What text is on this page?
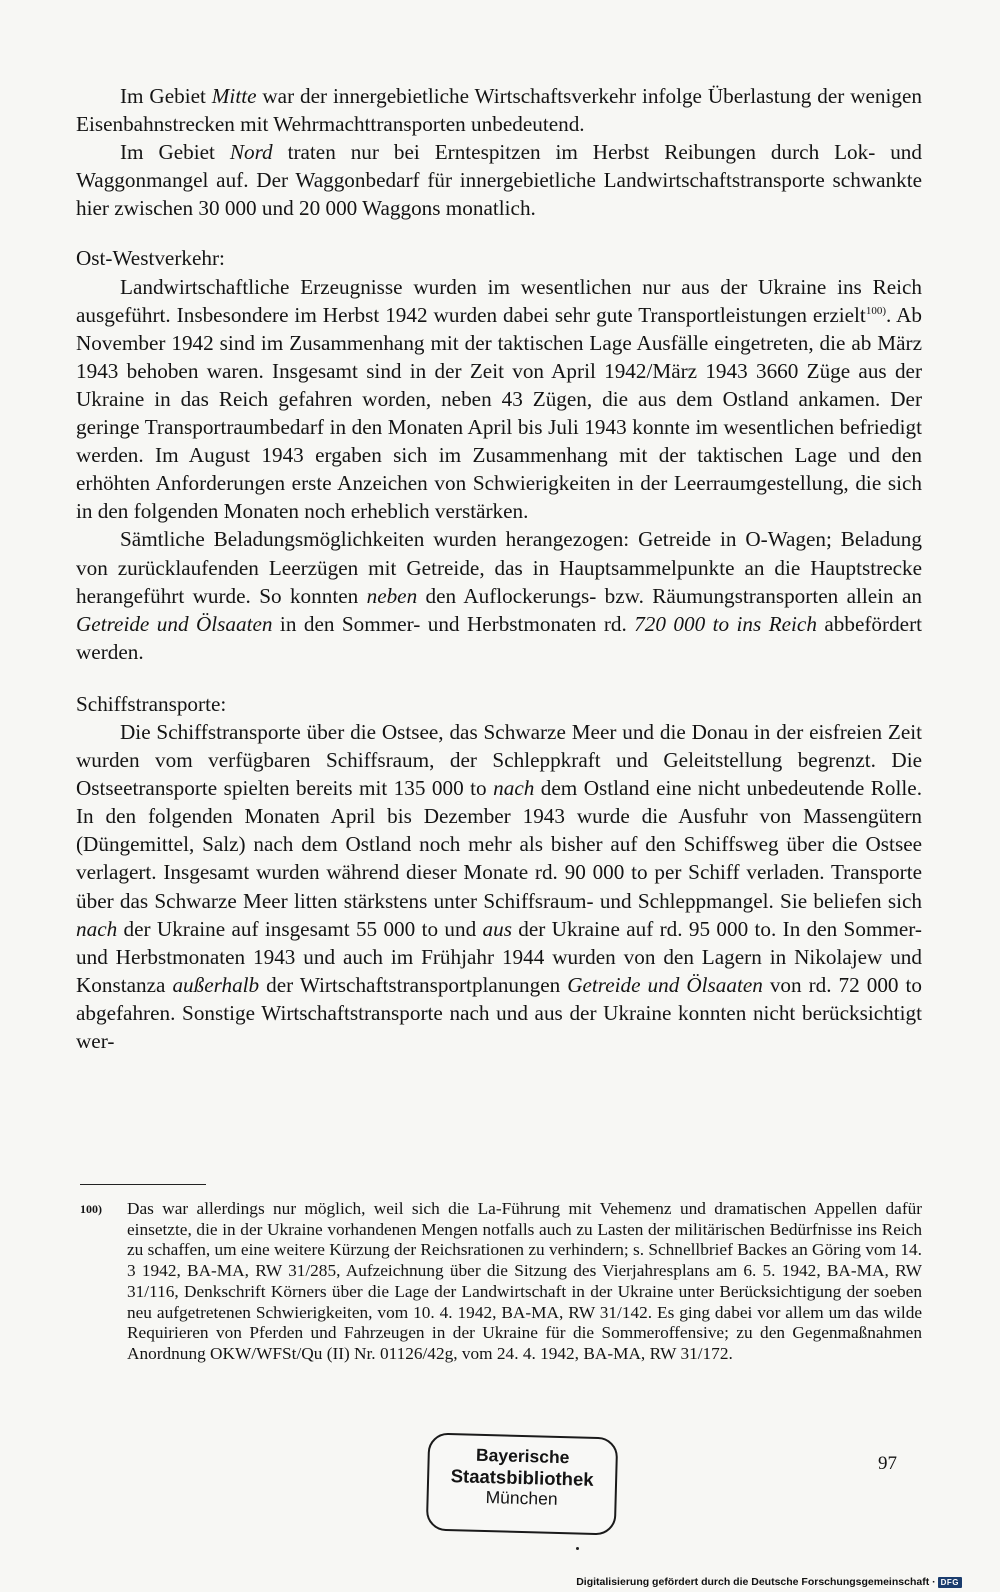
Im Gebiet Mitte war der innergebietliche Wirtschaftsverkehr infolge Überlastung der wenigen Eisenbahnstrecken mit Wehrmachttransporten unbedeutend.

Im Gebiet Nord traten nur bei Erntespitzen im Herbst Reibungen durch Lok- und Waggonmangel auf. Der Waggonbedarf für innergebietliche Landwirtschaftstransporte schwankte hier zwischen 30 000 und 20 000 Waggons monatlich.

Ost-Westverkehr:

Landwirtschaftliche Erzeugnisse wurden im wesentlichen nur aus der Ukraine ins Reich ausgeführt. Insbesondere im Herbst 1942 wurden dabei sehr gute Transportleistungen erzielt$^{100)}$. Ab November 1942 sind im Zusammenhang mit der taktischen Lage Ausfälle eingetreten, die ab März 1943 behoben waren. Insgesamt sind in der Zeit von April 1942/März 1943 3660 Züge aus der Ukraine in das Reich gefahren worden, neben 43 Zügen, die aus dem Ostland ankamen. Der geringe Transportraumbedarf in den Monaten April bis Juli 1943 konnte im wesentlichen befriedigt werden. Im August 1943 ergaben sich im Zusammenhang mit der taktischen Lage und den erhöhten Anforderungen erste Anzeichen von Schwierigkeiten in der Leerraumgestellung, die sich in den folgenden Monaten noch erheblich verstärken.

Sämtliche Beladungsmöglichkeiten wurden herangezogen: Getreide in O-Wagen; Beladung von zurücklaufenden Leerzügen mit Getreide, das in Hauptsammelpunkte an die Hauptstrecke herangeführt wurde. So konnten neben den Auflockerungs- bzw. Räumungstransporten allein an Getreide und Ölsaaten in den Sommer- und Herbstmonaten rd. 720 000 to ins Reich abbefördert werden.

Schiffstransporte:

Die Schiffstransporte über die Ostsee, das Schwarze Meer und die Donau in der eisfreien Zeit wurden vom verfügbaren Schiffsraum, der Schleppkraft und Geleitstellung begrenzt. Die Ostseetransporte spielten bereits mit 135 000 to nach dem Ostland eine nicht unbedeutende Rolle. In den folgenden Monaten April bis Dezember 1943 wurde die Ausfuhr von Massengütern (Düngemittel, Salz) nach dem Ostland noch mehr als bisher auf den Schiffsweg über die Ostsee verlagert. Insgesamt wurden während dieser Monate rd. 90 000 to per Schiff verladen. Transporte über das Schwarze Meer litten stärkstens unter Schiffsraum- und Schleppmangel. Sie beliefen sich nach der Ukraine auf insgesamt 55 000 to und aus der Ukraine auf rd. 95 000 to. In den Sommer- und Herbstmonaten 1943 und auch im Frühjahr 1944 wurden von den Lagern in Nikolajew und Konstanza außerhalb der Wirtschaftstransportplanungen Getreide und Ölsaaten von rd. 72 000 to abgefahren. Sonstige Wirtschaftstransporte nach und aus der Ukraine konnten nicht berücksichtigt wer-

100) Das war allerdings nur möglich, weil sich die La-Führung mit Vehemenz und dramatischen Appellen dafür einsetzte, die in der Ukraine vorhandenen Mengen notfalls auch zu Lasten der militärischen Bedürfnisse ins Reich zu schaffen, um eine weitere Kürzung der Reichsrationen zu verhindern; s. Schnellbrief Backes an Göring vom 14. 3 1942, BA-MA, RW 31/285, Aufzeichnung über die Sitzung des Vierjahresplans am 6. 5. 1942, BA-MA, RW 31/116, Denkschrift Körners über die Lage der Landwirtschaft in der Ukraine unter Berücksichtigung der soeben neu aufgetretenen Schwierigkeiten, vom 10. 4. 1942, BA-MA, RW 31/142. Es ging dabei vor allem um das wilde Requirieren von Pferden und Fahrzeugen in der Ukraine für die Sommeroffensive; zu den Gegenmaßnahmen Anordnung OKW/WFSt/Qu (II) Nr. 01126/42g, vom 24. 4. 1942, BA-MA, RW 31/172.
97
Bayerische
Staatsbibliothek
München
Digitalisierung gefördert durch die Deutsche Forschungsgemeinschaft · DFG
